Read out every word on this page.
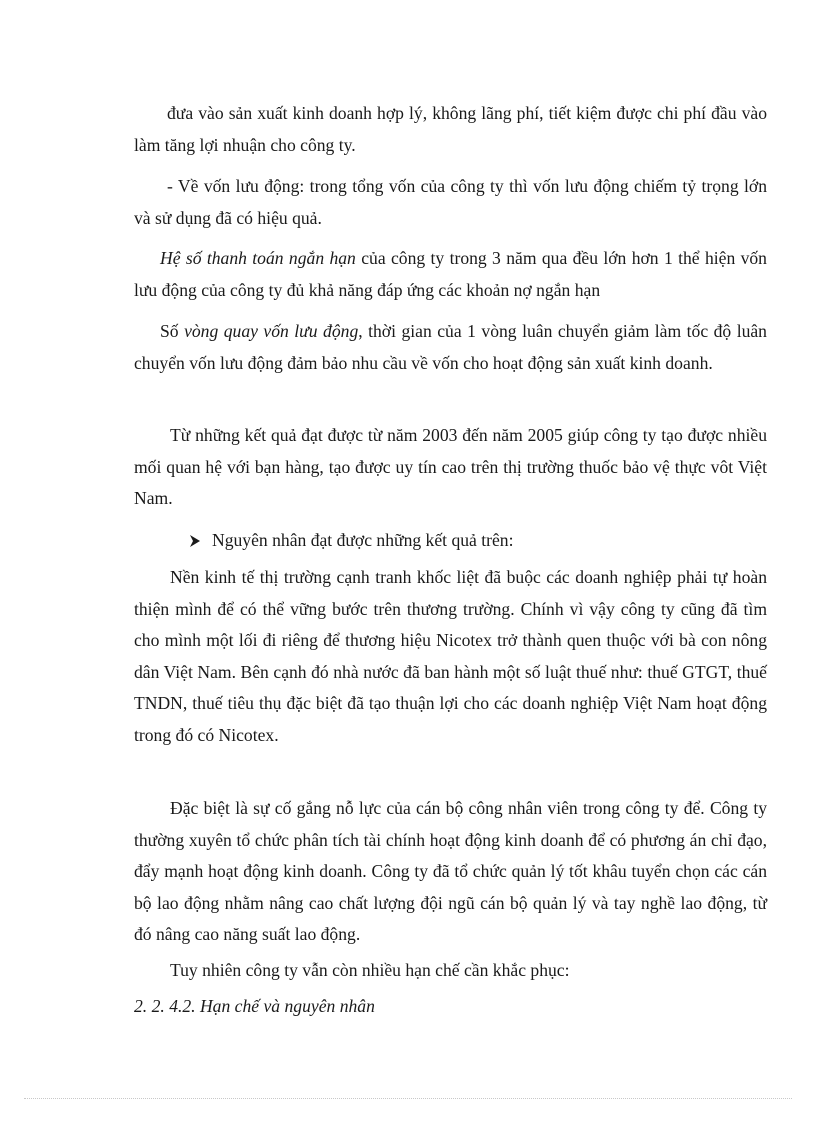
đưa vào sản xuất kinh doanh hợp lý, không lãng phí, tiết kiệm được chi phí đầu vào làm tăng lợi nhuận cho công ty.

- Về vốn lưu động: trong tổng vốn của công ty thì vốn lưu động chiếm tỷ trọng lớn và sử dụng đã có hiệu quả.

Hệ số thanh toán ngắn hạn của công ty trong 3 năm qua đều lớn hơn 1 thể hiện vốn lưu động của công ty đủ khả năng đáp ứng các khoản nợ ngắn hạn

Số vòng quay vốn lưu động, thời gian của 1 vòng luân chuyển giảm làm tốc độ luân chuyển vốn lưu động đảm bảo nhu cầu về vốn cho hoạt động sản xuất kinh doanh.

Từ những kết quả đạt được từ năm 2003 đến năm 2005 giúp công ty tạo được nhiều mối quan hệ với bạn hàng, tạo được uy tín cao trên thị trường thuốc bảo vệ thực vôt Việt Nam.

Nguyên nhân đạt được những kết quả trên:

Nền kinh tế thị trường cạnh tranh khốc liệt đã buộc các doanh nghiệp phải tự hoàn thiện mình để có thể vững bước trên thương trường. Chính vì vậy công ty cũng đã tìm cho mình một lối đi riêng để thương hiệu Nicotex trở thành quen thuộc với bà con nông dân Việt Nam. Bên cạnh đó nhà nước đã ban hành một số luật thuế như: thuế GTGT, thuế TNDN, thuế tiêu thụ đặc biệt đã tạo thuận lợi cho các doanh nghiệp Việt Nam hoạt động trong đó có Nicotex.

Đặc biệt là sự cố gắng nỗ lực của cán bộ công nhân viên trong công ty để. Công ty thường xuyên tổ chức phân tích tài chính hoạt động kinh doanh để có phương án chỉ đạo, đẩy mạnh hoạt động kinh doanh. Công ty đã tổ chức quản lý tốt khâu tuyển chọn các cán bộ lao động nhằm nâng cao chất lượng đội ngũ cán bộ quản lý và tay nghề lao động, từ đó nâng cao năng suất lao động.

Tuy nhiên công ty vẫn còn nhiều hạn chế cần khắc phục:

2. 2. 4.2. Hạn chế và nguyên nhân
